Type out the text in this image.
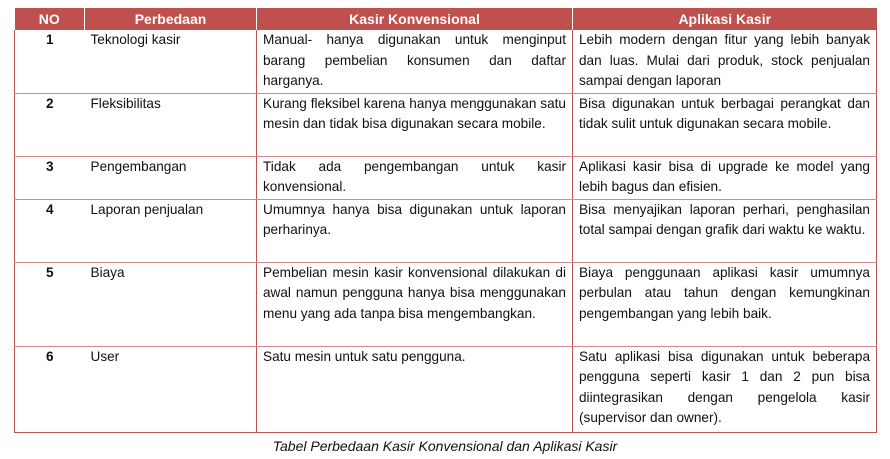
NO	Perbedaan	Kasir Konvensional	Aplikasi Kasir
1	Teknologi kasir	Manual- hanya digunakan untuk menginput barang pembelian konsumen dan daftar harganya.	Lebih modern dengan fitur yang lebih banyak dan luas. Mulai dari produk, stock penjualan sampai dengan laporan
2	Fleksibilitas	Kurang fleksibel karena hanya menggunakan satu mesin dan tidak bisa digunakan secara mobile.	Bisa digunakan untuk berbagai perangkat dan tidak sulit untuk digunakan secara mobile.
3	Pengembangan	Tidak ada pengembangan untuk kasir konvensional.	Aplikasi kasir bisa di upgrade ke model yang lebih bagus dan efisien.
4	Laporan penjualan	Umumnya hanya bisa digunakan untuk laporan perharinya.	Bisa menyajikan laporan perhari, penghasilan total sampai dengan grafik dari waktu ke waktu.
5	Biaya	Pembelian mesin kasir konvensional dilakukan di awal namun pengguna hanya bisa menggunakan menu yang ada tanpa bisa mengembangkan.	Biaya penggunaan aplikasi kasir umumnya perbulan atau tahun dengan kemungkinan pengembangan yang lebih baik.
6	User	Satu mesin untuk satu pengguna.	Satu aplikasi bisa digunakan untuk beberapa pengguna seperti kasir 1 dan 2 pun bisa diintegrasikan dengan pengelola kasir (supervisor dan owner).
Tabel Perbedaan Kasir Konvensional dan Aplikasi Kasir
